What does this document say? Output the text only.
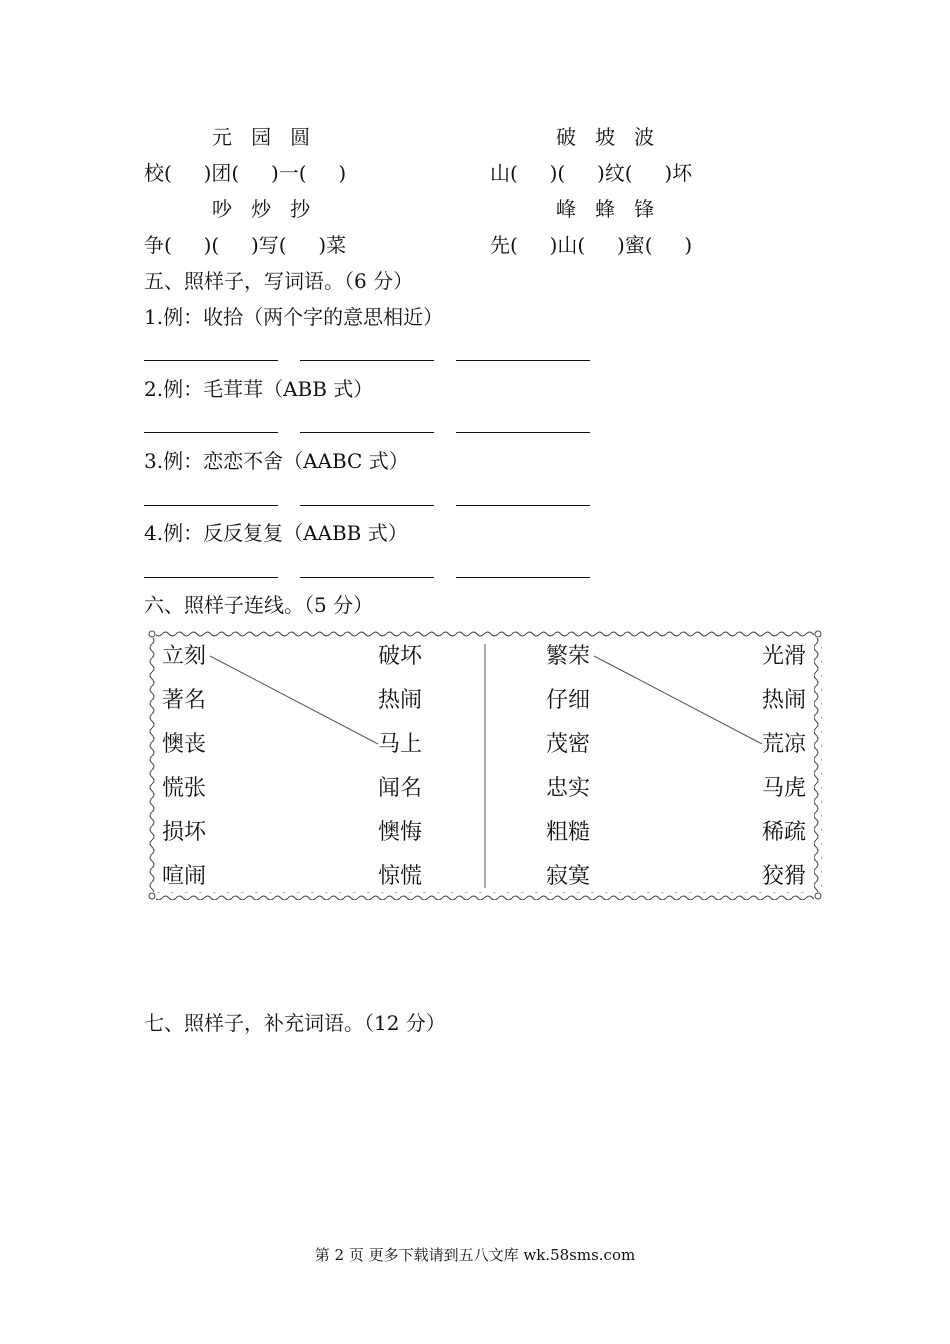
元   园   圆
校(     )团(     )一(     )
破   坡   波
山(     )(     )纹(     )坏
吵   炒   抄
争(     )(     )写(     )菜
峰   蜂   锋
先(     )山(     )蜜(     )
五、照样子，写词语。（6 分）
1.例：收拾（两个字的意思相近）
2.例：毛茸茸（ABB 式）
3.例：恋恋不舍（AABC 式）
4.例：反反复复（AABB 式）
六、照样子连线。（5 分）
立刻
著名
懊丧
慌张
损坏
喧闹
破坏
热闹
马上
闻名
懊悔
惊慌
繁荣
仔细
茂密
忠实
粗糙
寂寞
光滑
热闹
荒凉
马虎
稀疏
狡猾
七、照样子，补充词语。（12 分）
第 2 页 更多下载请到五八文库 wk.58sms.com
